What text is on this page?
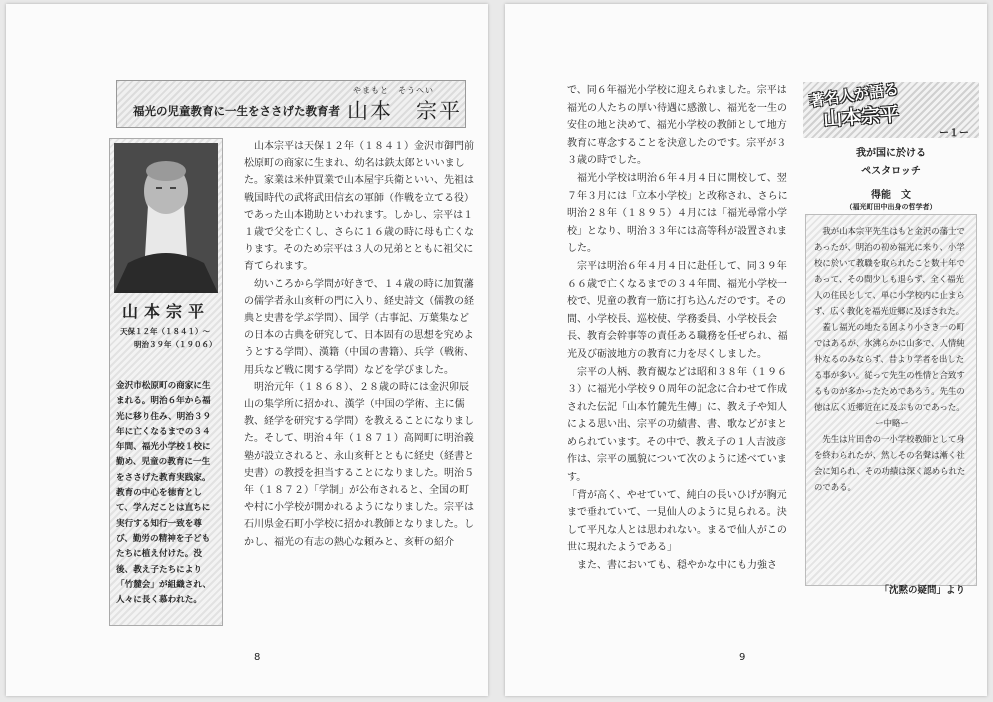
福光の児童教育に一生をささげた教育者
やまもと　そうへい
山本　宗平
山本宗平
天保１２年（１８４１）～
明治３９年（１９０６）
金沢市松原町の商家に生まれる。明治６年から福光に移り住み、明治３９年に亡くなるまでの３４年間、福光小学校１校に勤め、児童の教育に一生をささげた教育実践家。教育の中心を徳育として、学んだことは直ちに実行する知行一致を尊び、勤労の精神を子どもたちに植え付けた。没後、教え子たちにより「竹麓会」が組織され、人々に長く慕われた。

山本宗平は天保１２年（１８４１）金沢市御門前松原町の商家に生まれ、幼名は鉄太郎といいました。家業は米仲買業で山本屋宇兵衛といい、先祖は戦国時代の武将武田信玄の軍師（作戦を立てる役）であった山本勘助といわれます。しかし、宗平は１１歳で父を亡くし、さらに１６歳の時に母も亡くなります。そのため宗平は３人の兄弟とともに祖父に育てられます。

幼いころから学問が好きで、１４歳の時に加賀藩の儒学者永山亥軒の門に入り、経史詩文（儒教の経典と史書を学ぶ学問）、国学（古事記、万葉集などの日本の古典を研究して、日本固有の思想を究めようとする学問）、漢籍（中国の書籍）、兵学（戦術、用兵など戦に関する学問）などを学びました。

明治元年（１８６８）、２８歳の時には金沢卯辰山の集学所に招かれ、漢学（中国の学術、主に儒教、経学を研究する学問）を教えることになりました。そして、明治４年（１８７１）高岡町に明治義塾が設立されると、永山亥軒とともに経史（経書と史書）の教授を担当することになりました。明治５年（１８７２）「学制」が公布されると、全国の町や村に小学校が開かれるようになりました。宗平は石川県金石町小学校に招かれ教師となりました。しかし、福光の有志の熱心な頼みと、亥軒の紹介

8

で、同６年福光小学校に迎えられました。宗平は福光の人たちの厚い待遇に感激し、福光を一生の安住の地と決めて、福光小学校の教師として地方教育に専念することを決意したのです。宗平が３３歳の時でした。

福光小学校は明治６年４月４日に開校して、翌７年３月には「立本小学校」と改称され、さらに明治２８年（１８９５）４月には「福光尋常小学校」となり、明治３３年には高等科が設置されました。

宗平は明治６年４月４日に赴任して、同３９年６６歳で亡くなるまでの３４年間、福光小学校一校で、児童の教育一筋に打ち込んだのです。その間、小学校長、巡校使、学務委員、小学校長会長、教育会幹事等の責任ある職務を任ぜられ、福光及び砺波地方の教育に力を尽くしました。

宗平の人柄、教育観などは昭和３８年（１９６３）に福光小学校９０周年の記念に合わせて作成された伝記「山本竹麓先生傳」に、教え子や知人による思い出、宗平の功績書、書、歌などがまとめられています。その中で、教え子の１人吉波彦作は、宗平の風貌について次のように述べています。

「背が高く、やせていて、純白の長いひげが胸元まで垂れていて、一見仙人のように見られる。決して平凡な人とは思われない。まるで仙人がこの世に現れたようである」

また、書においても、穏やかな中にも力強さ

著名人が語る
山本宗平
ー１ー
我が国に於ける
ペスタロッチ
得能　文
（福光町田中出身の哲学者）

我が山本宗平先生はもと金沢の藩士であったが、明治の初め福光に来り、小学校に於いて教職を取られたこと数十年であって、その間少しも退らず、全く福光人の住民として、単に小学校内に止まらず、広く教化を福光近郷に及ぼされた。

蓋し福光の地たる固より小さき一の町ではあるが、氷沸らかに山多で、人情純朴なるのみならず、昔より学者を出したる事が多い。従って先生の性情と合致するものが多かったためであろう。先生の徳は広く近郷近在に及ぶものであった。

ー中略ー

先生は片田舎の一小学校教師として身を終わられたが、然しその名聲は漸く社会に知られ、その功績は深く認められたのである。

「沈黙の疑問」より
9
